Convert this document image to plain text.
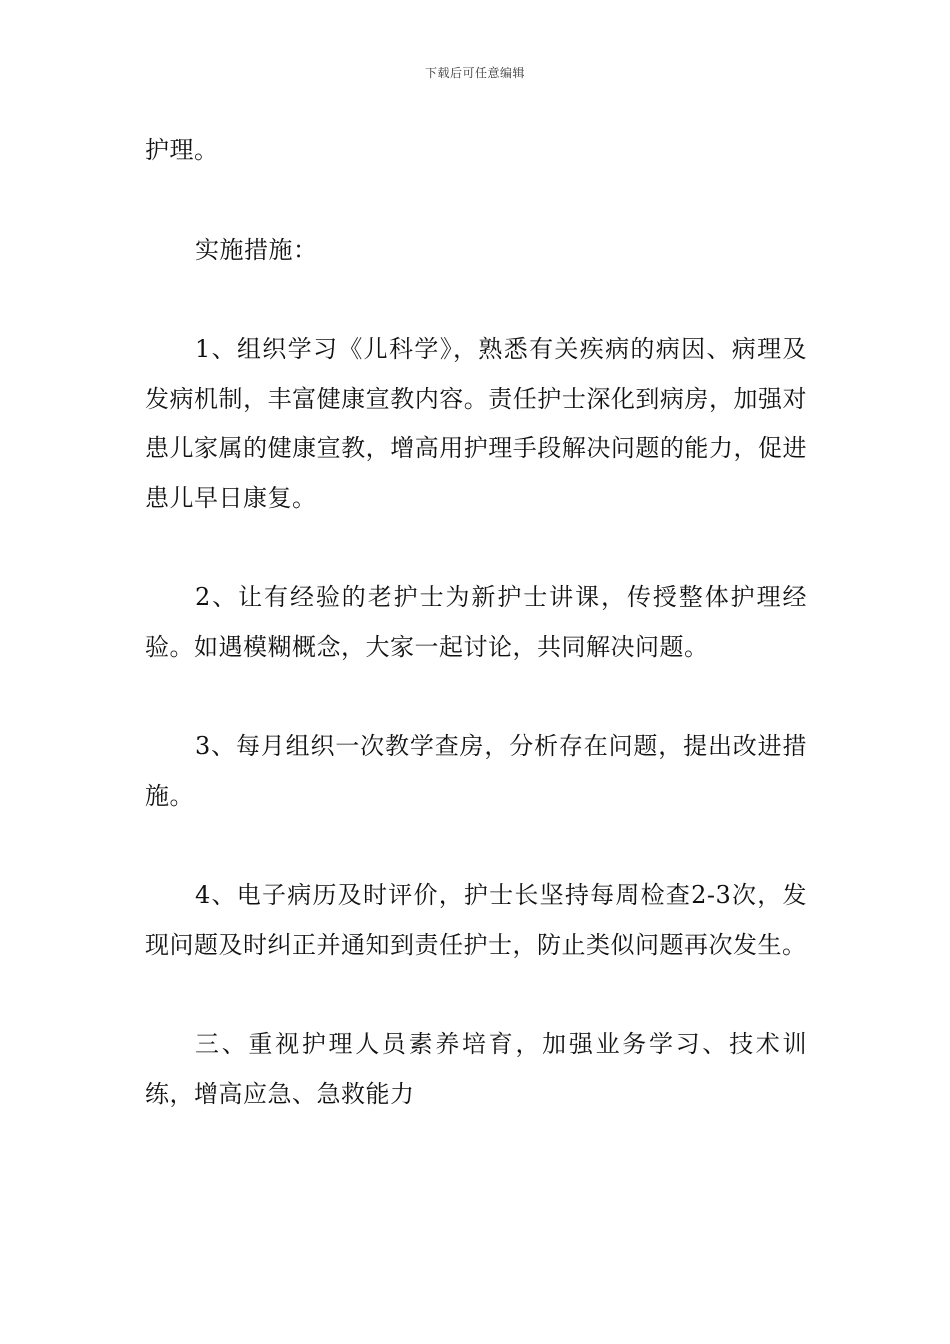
下载后可任意编辑

护理。

实施措施：

1、组织学习《儿科学》，熟悉有关疾病的病因、病理及发病机制，丰富健康宣教内容。责任护士深化到病房，加强对患儿家属的健康宣教，增高用护理手段解决问题的能力，促进患儿早日康复。

2、让有经验的老护士为新护士讲课，传授整体护理经验。如遇模糊概念，大家一起讨论，共同解决问题。

3、每月组织一次教学查房，分析存在问题，提出改进措施。

4、电子病历及时评价，护士长坚持每周检查2-3次，发现问题及时纠正并通知到责任护士，防止类似问题再次发生。

三、重视护理人员素养培育，加强业务学习、技术训练，增高应急、急救能力
